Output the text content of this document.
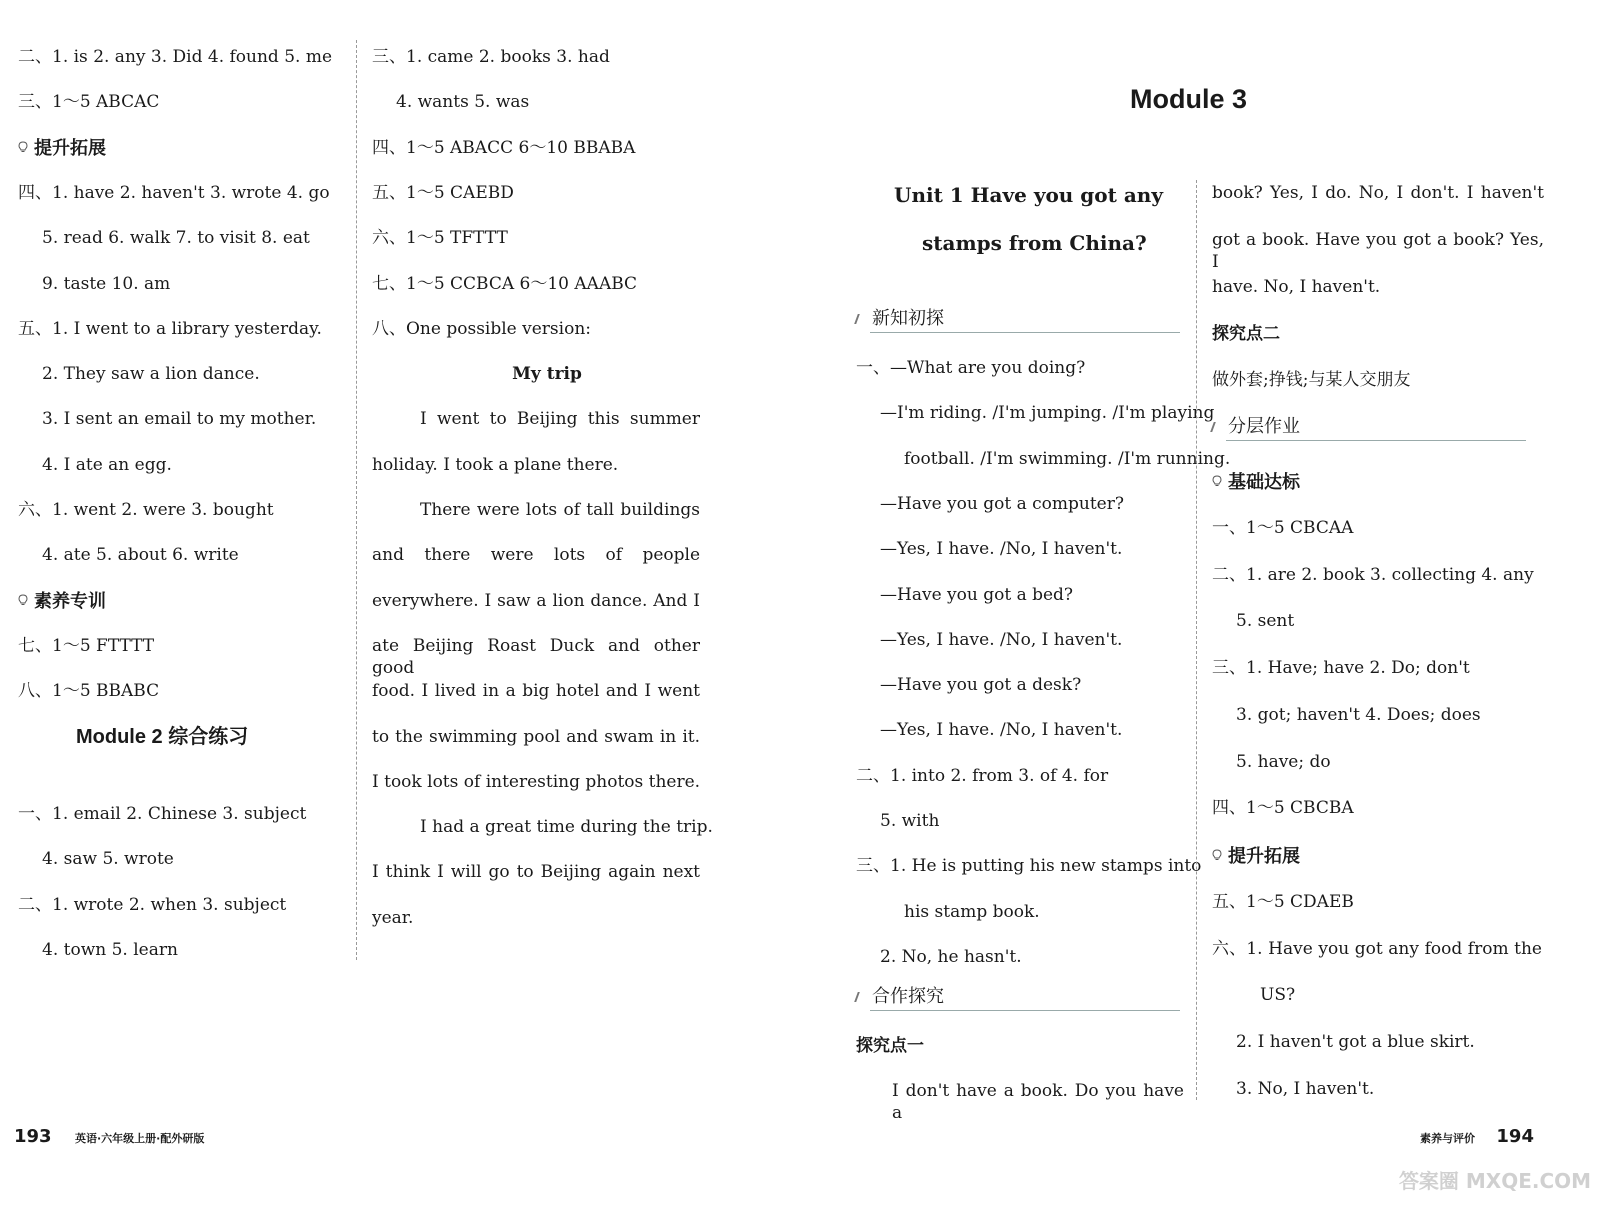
二、1. is 2. any 3. Did 4. found 5. me
三、1～5 ABCAC
提升拓展
四、1. have 2. haven't 3. wrote 4. go
5. read 6. walk 7. to visit 8. eat
9. taste 10. am
五、1. I went to a library yesterday.
2. They saw a lion dance.
3. I sent an email to my mother.
4. I ate an egg.
六、1. went 2. were 3. bought
4. ate 5. about 6. write
素养专训
七、1～5 FTTTT
八、1～5 BBABC
Module 2 综合练习
一、1. email 2. Chinese 3. subject
4. saw 5. wrote
二、1. wrote 2. when 3. subject
4. town 5. learn
三、1. came 2. books 3. had
4. wants 5. was
四、1～5 ABACC 6～10 BBABA
五、1～5 CAEBD
六、1～5 TFTTT
七、1～5 CCBCA 6～10 AAABC
八、One possible version:
My trip
I went to Beijing this summer
holiday. I took a plane there.
There were lots of tall buildings
and there were lots of people
everywhere. I saw a lion dance. And I
ate Beijing Roast Duck and other good
food. I lived in a big hotel and I went
to the swimming pool and swam in it.
I took lots of interesting photos there.
I had a great time during the trip.
I think I will go to Beijing again next
year.
193 英语·六年级上册·配外研版
Module 3
Unit 1 Have you got any
stamps from China?
新知初探
一、—What are you doing?
—I'm riding. /I'm jumping. /I'm playing
football. /I'm swimming. /I'm running.
—Have you got a computer?
—Yes, I have. /No, I haven't.
—Have you got a bed?
—Yes, I have. /No, I haven't.
—Have you got a desk?
—Yes, I have. /No, I haven't.
二、1. into 2. from 3. of 4. for
5. with
三、1. He is putting his new stamps into
his stamp book.
2. No, he hasn't.
合作探究
探究点一
I don't have a book. Do you have a
book? Yes, I do. No, I don't. I haven't
got a book. Have you got a book? Yes, I
have. No, I haven't.
探究点二
做外套;挣钱;与某人交朋友
分层作业
基础达标
一、1～5 CBCAA
二、1. are 2. book 3. collecting 4. any
5. sent
三、1. Have; have 2. Do; don't
3. got; haven't 4. Does; does
5. have; do
四、1～5 CBCBA
提升拓展
五、1～5 CDAEB
六、1. Have you got any food from the
US?
2. I haven't got a blue skirt.
3. No, I haven't.
素养与评价 194
答案圈 MXQE.COM
